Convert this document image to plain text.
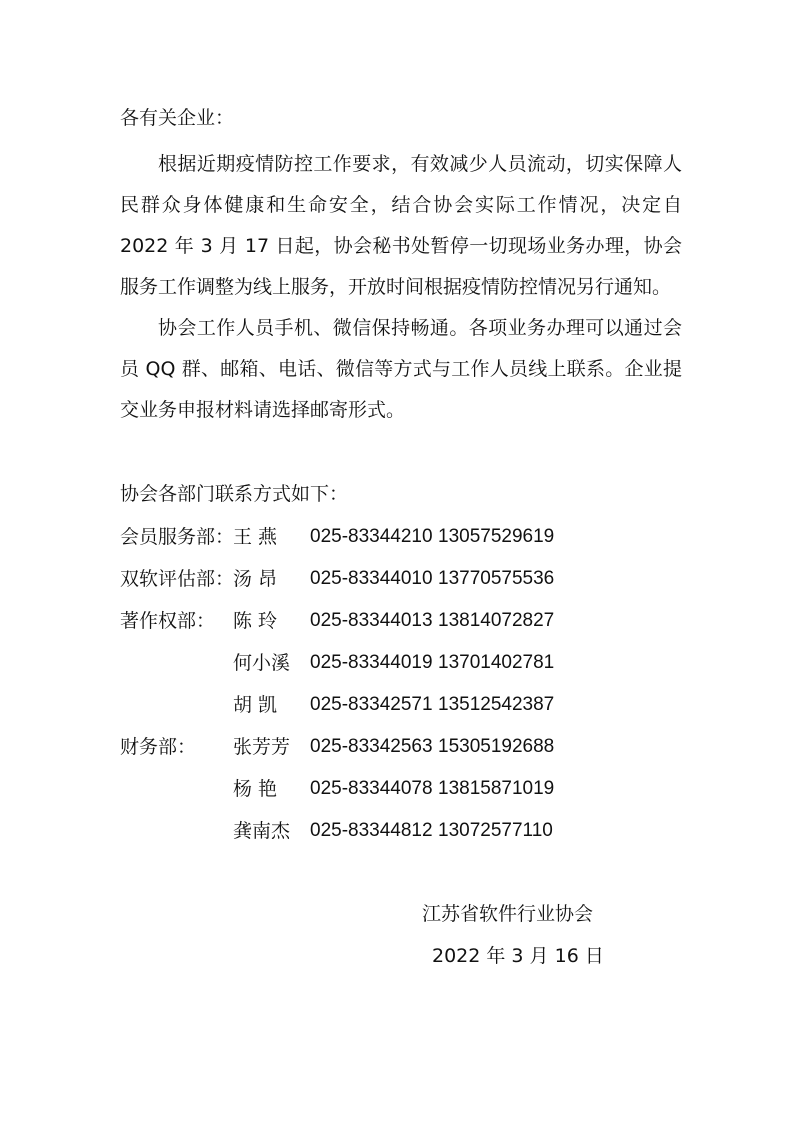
各有关企业：

根据近期疫情防控工作要求，有效减少人员流动，切实保障人民群众身体健康和生命安全，结合协会实际工作情况，决定自 2022 年 3 月 17 日起，协会秘书处暂停一切现场业务办理，协会服务工作调整为线上服务，开放时间根据疫情防控情况另行通知。

协会工作人员手机、微信保持畅通。各项业务办理可以通过会员 QQ 群、邮箱、电话、微信等方式与工作人员线上联系。企业提交业务申报材料请选择邮寄形式。

协会各部门联系方式如下：
会员服务部：
王 燕 025-83344210 13057529619
双软评估部：
汤 昂 025-83344010 13770575536
著作权部： 陈 玲 025-83344013 13814072827
何小溪 025-83344019 13701402781
胡 凯 025-83342571 13512542387
财务部： 张芳芳 025-83342563 15305192688
杨 艳 025-83344078 13815871019
龚南杰 025-83344812 13072577110
江苏省软件行业协会
2022 年 3 月 16 日
